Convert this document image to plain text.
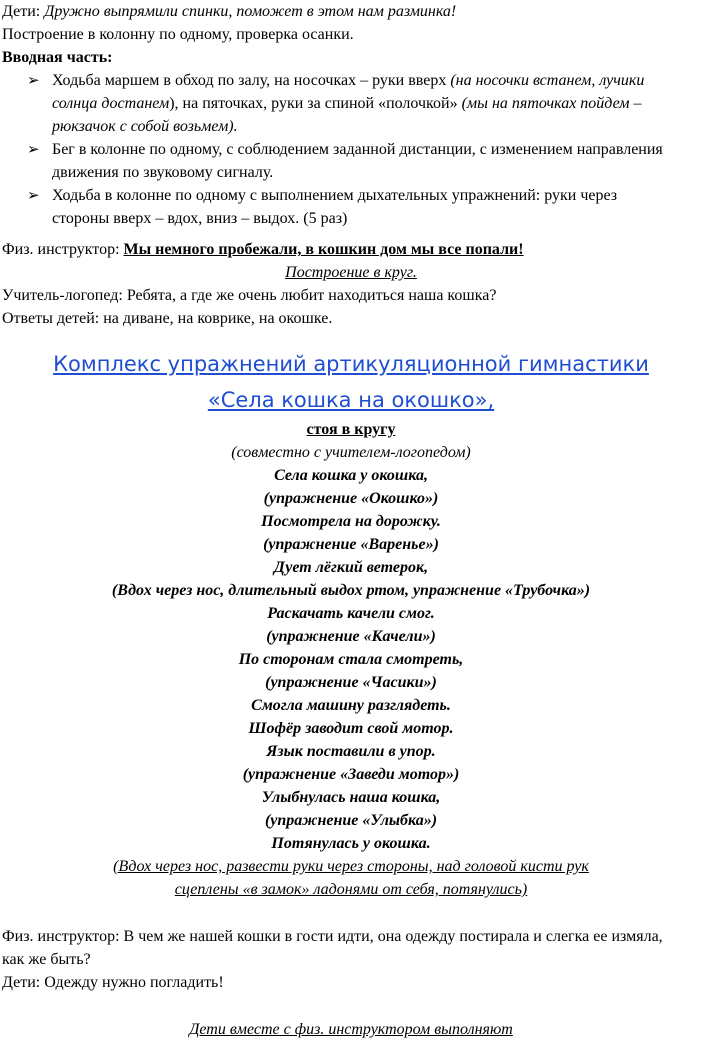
Дети: Дружно выпрямили спинки, поможет в этом нам разминка!
Построение в колонну по одному, проверка осанки.
Вводная часть:
➢ Ходьба маршем в обход по залу, на носочках – руки вверх (на носочки встанем, лучики
солнца достанем), на пяточках, руки за спиной «полочкой» (мы на пяточках пойдем –
рюкзачок с собой возьмем).
➢ Бег в колонне по одному, с соблюдением заданной дистанции, с изменением направления
движения по звуковому сигналу.
➢ Ходьба в колонне по одному с выполнением дыхательных упражнений: руки через
стороны вверх – вдох, вниз – выдох. (5 раз)
Физ. инструктор: Мы немного пробежали, в кошкин дом мы все попали!
Построение в круг.
Учитель-логопед: Ребята, а где же очень любит находиться наша кошка?
Ответы детей: на диване, на коврике, на окошке.
Комплекс упражнений артикуляционной гимнастики
«Села кошка на окошко»,
стоя в кругу
(совместно с учителем-логопедом)
Села кошка у окошка,
(упражнение «Окошко»)
Посмотрела на дорожку.
(упражнение «Варенье»)
Дует лёгкий ветерок,
(Вдох через нос, длительный выдох ртом, упражнение «Трубочка»)
Раскачать качели смог.
(упражнение «Качели»)
По сторонам стала смотреть,
(упражнение «Часики»)
Смогла машину разглядеть.
Шофёр заводит свой мотор.
Язык поставили в упор.
(упражнение «Заведи мотор»)
Улыбнулась наша кошка,
(упражнение «Улыбка»)
Потянулась у окошка.
(Вдох через нос, развести руки через стороны, над головой кисти рук
сцеплены «в замок» ладонями от себя, потянулись)
Физ. инструктор: В чем же нашей кошки в гости идти, она одежду постирала и слегка ее измяла,
как же быть?
Дети: Одежду нужно погладить!
Дети вместе с физ. инструктором выполняют
